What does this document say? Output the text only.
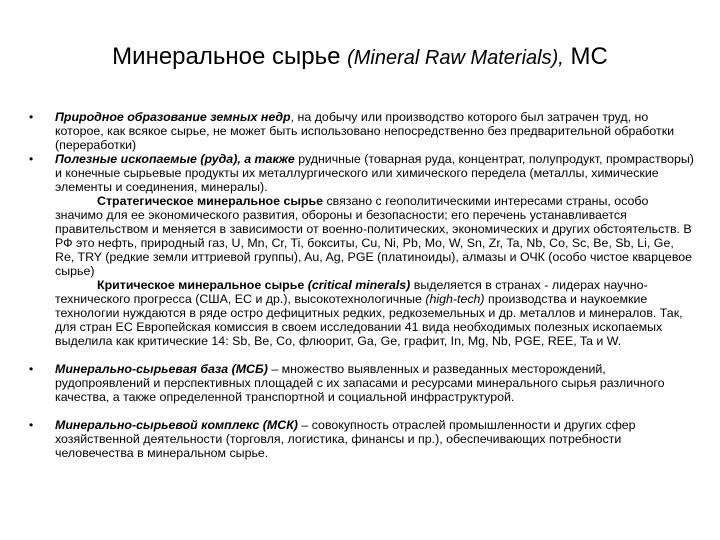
Минеральное сырье (Mineral Raw Materials), МС

• Природное образование земных недр, на добычу или производство которого был затрачен труд, но которое, как всякое сырье, не может быть использовано непосредственно без предварительной обработки (переработки)

• Полезные ископаемые (руда), а также рудничные (товарная руда, концентрат, полупродукт, промрастворы) и конечные сырьевые продукты их металлургического или химического передела (металлы, химические элементы и соединения, минералы).

Стратегическое минеральное сырье связано с геополитическими интересами страны, особо значимо для ее экономического развития, обороны и безопасности; его перечень устанавливается правительством и меняется в зависимости от военно-политических, экономических и других обстоятельств. В РФ это нефть, природный газ, U, Mn, Cr, Ti, бокситы, Cu, Ni, Pb, Mo, W, Sn, Zr, Ta, Nb, Co, Sc, Be, Sb, Li, Ge, Re, TRY (редкие земли иттриевой группы), Au, Ag, PGE (платиноиды), алмазы и ОЧК (особо чистое кварцевое сырье)

Критическое минеральное сырье (critical minerals) выделяется в странах - лидерах научно-технического прогресса (США, ЕС и др.), высокотехнологичные (high-tech) производства и наукоемкие технологии нуждаются в ряде остро дефицитных редких, редкоземельных и др. металлов и минералов. Так, для стран ЕС Европейская комиссия в своем исследовании 41 вида необходимых полезных ископаемых выделила как критические 14: Sb, Be, Co, флюорит, Ga, Ge, графит, In, Mg, Nb, PGE, REE, Ta и W.

• Минерально-сырьевая база (МСБ) – множество выявленных и разведанных месторождений, рудопроявлений и перспективных площадей с их запасами и ресурсами минерального сырья различного качества, а также определенной транспортной и социальной инфраструктурой.

• Минерально-сырьевой комплекс (МСК) – совокупность отраслей промышленности и других сфер хозяйственной деятельности (торговля, логистика, финансы и пр.), обеспечивающих потребности человечества в минеральном сырье.
